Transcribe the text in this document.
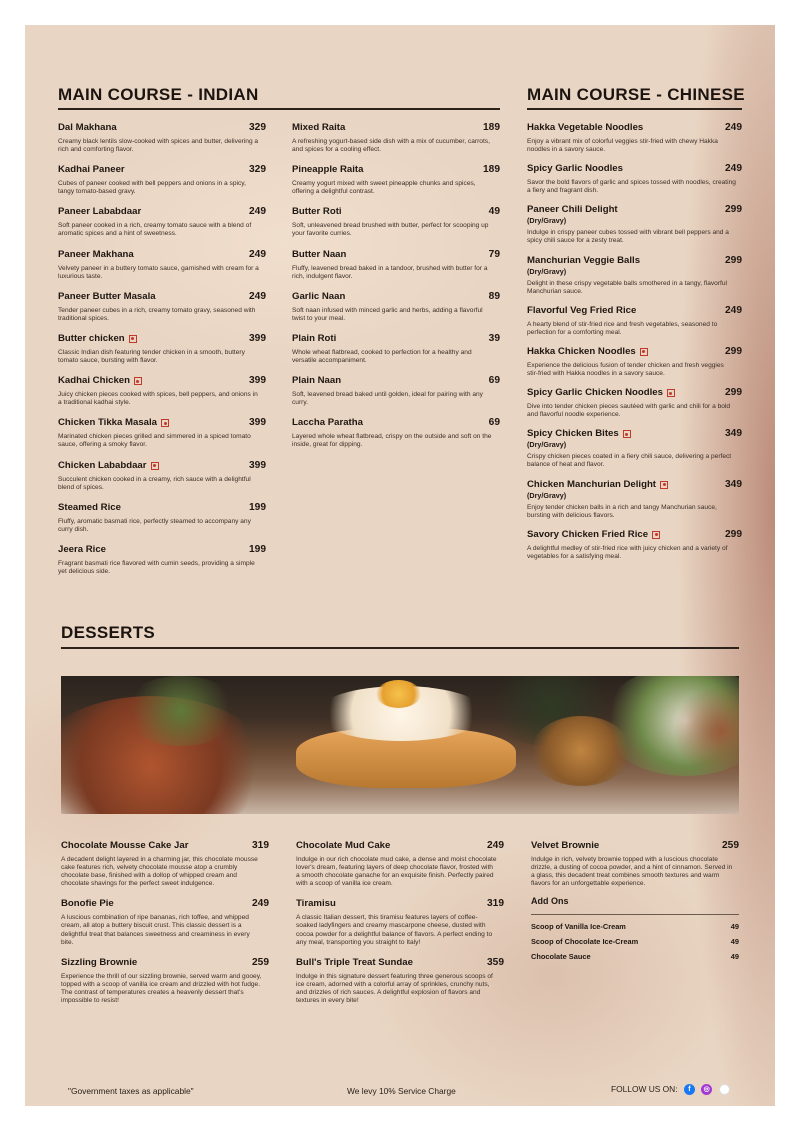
MAIN COURSE - INDIAN	MAIN COURSE - CHINESE
Dal Makhana	329
Creamy black lentils slow-cooked with spices and butter, delivering a rich and comforting flavor.
Kadhai Paneer	329
Cubes of paneer cooked with bell peppers and onions in a spicy, tangy tomato-based gravy.
Paneer Lababdaar	249
Soft paneer cooked in a rich, creamy tomato sauce with a blend of aromatic spices and a hint of sweetness.
Paneer Makhana	249
Velvety paneer in a buttery tomato sauce, garnished with cream for a luxurious taste.
Paneer Butter Masala	249
Tender paneer cubes in a rich, creamy tomato gravy, seasoned with traditional spices.
Butter chicken	399
Classic Indian dish featuring tender chicken in a smooth, buttery tomato sauce, bursting with flavor.
Kadhai Chicken	399
Juicy chicken pieces cooked with spices, bell peppers, and onions in a traditional kadhai style.
Chicken Tikka Masala	399
Marinated chicken pieces grilled and simmered in a spiced tomato sauce, offering a smoky flavor.
Chicken Lababdaar	399
Succulent chicken cooked in a creamy, rich sauce with a delightful blend of spices.
Steamed Rice	199
Fluffy, aromatic basmati rice, perfectly steamed to accompany any curry dish.
Jeera Rice	199
Fragrant basmati rice flavored with cumin seeds, providing a simple yet delicious side.
Mixed Raita	189
A refreshing yogurt-based side dish with a mix of cucumber, carrots, and spices for a cooling effect.
Pineapple Raita	189
Creamy yogurt mixed with sweet pineapple chunks and spices, offering a delightful contrast.
Butter Roti	49
Soft, unleavened bread brushed with butter, perfect for scooping up your favorite curries.
Butter Naan	79
Fluffy, leavened bread baked in a tandoor, brushed with butter for a rich, indulgent flavor.
Garlic Naan	89
Soft naan infused with minced garlic and herbs, adding a flavorful twist to your meal.
Plain Roti	39
Whole wheat flatbread, cooked to perfection for a healthy and versatile accompaniment.
Plain Naan	69
Soft, leavened bread baked until golden, ideal for pairing with any curry.
Laccha Paratha	69
Layered whole wheat flatbread, crispy on the outside and soft on the inside, great for dipping.
Hakka Vegetable Noodles	249
Enjoy a vibrant mix of colorful veggies stir-fried with chewy Hakka noodles in a savory sauce.
Spicy Garlic Noodles	249
Savor the bold flavors of garlic and spices tossed with noodles, creating a fiery and fragrant dish.
Paneer Chili Delight	299
(Dry/Gravy)
Indulge in crispy paneer cubes tossed with vibrant bell peppers and a spicy chili sauce for a zesty treat.
Manchurian Veggie Balls	299
(Dry/Gravy)
Delight in these crispy vegetable balls smothered in a tangy, flavorful Manchurian sauce.
Flavorful Veg Fried Rice	249
A hearty blend of stir-fried rice and fresh vegetables, seasoned to perfection for a comforting meal.
Hakka Chicken Noodles	299
Experience the delicious fusion of tender chicken and fresh veggies stir-fried with Hakka noodles in a savory sauce.
Spicy Garlic Chicken Noodles	299
Dive into tender chicken pieces sautéed with garlic and chili for a bold and flavorful noodle experience.
Spicy Chicken Bites	349
(Dry/Gravy)
Crispy chicken pieces coated in a fiery chili sauce, delivering a perfect balance of heat and flavor.
Chicken Manchurian Delight	349
(Dry/Gravy)
Enjoy tender chicken balls in a rich and tangy Manchurian sauce, bursting with delicious flavors.
Savory Chicken Fried Rice	299
A delightful medley of stir-fried rice with juicy chicken and a variety of vegetables for a satisfying meal.
DESSERTS
Chocolate Mousse Cake Jar	319
A decadent delight layered in a charming jar, this chocolate mousse cake features rich, velvety chocolate mousse atop a crumbly chocolate base, finished with a dollop of whipped cream and chocolate shavings for the perfect sweet indulgence.
Bonofie Pie	249
A luscious combination of ripe bananas, rich toffee, and whipped cream, all atop a buttery biscuit crust. This classic dessert is a delightful treat that balances sweetness and creaminess in every bite.
Sizzling Brownie	259
Experience the thrill of our sizzling brownie, served warm and gooey, topped with a scoop of vanilla ice cream and drizzled with hot fudge. The contrast of temperatures creates a heavenly dessert that's impossible to resist!
Chocolate Mud Cake	249
Indulge in our rich chocolate mud cake, a dense and moist chocolate lover's dream, featuring layers of deep chocolate flavor, frosted with a smooth chocolate ganache for an exquisite finish. Perfectly paired with a scoop of vanilla ice cream.
Tiramisu	319
A classic Italian dessert, this tiramisu features layers of coffee-soaked ladyfingers and creamy mascarpone cheese, dusted with cocoa powder for a delightful balance of flavors. A perfect ending to any meal, transporting you straight to Italy!
Bull's Triple Treat Sundae	359
Indulge in this signature dessert featuring three generous scoops of ice cream, adorned with a colorful array of sprinkles, crunchy nuts, and drizzles of rich sauces. A delightful explosion of flavors and textures in every bite!
Velvet Brownie	259
Indulge in rich, velvety brownie topped with a luscious chocolate drizzle, a dusting of cocoa powder, and a hint of cinnamon. Served in a glass, this decadent treat combines smooth textures and warm flavors for an unforgettable experience.
Add Ons
Scoop of Vanilla Ice-Cream	49
Scoop of Chocolate Ice-Cream	49
Chocolate Sauce	49
"Government taxes as applicable"	We levy 10% Service Charge	FOLLOW US ON: f ◎
